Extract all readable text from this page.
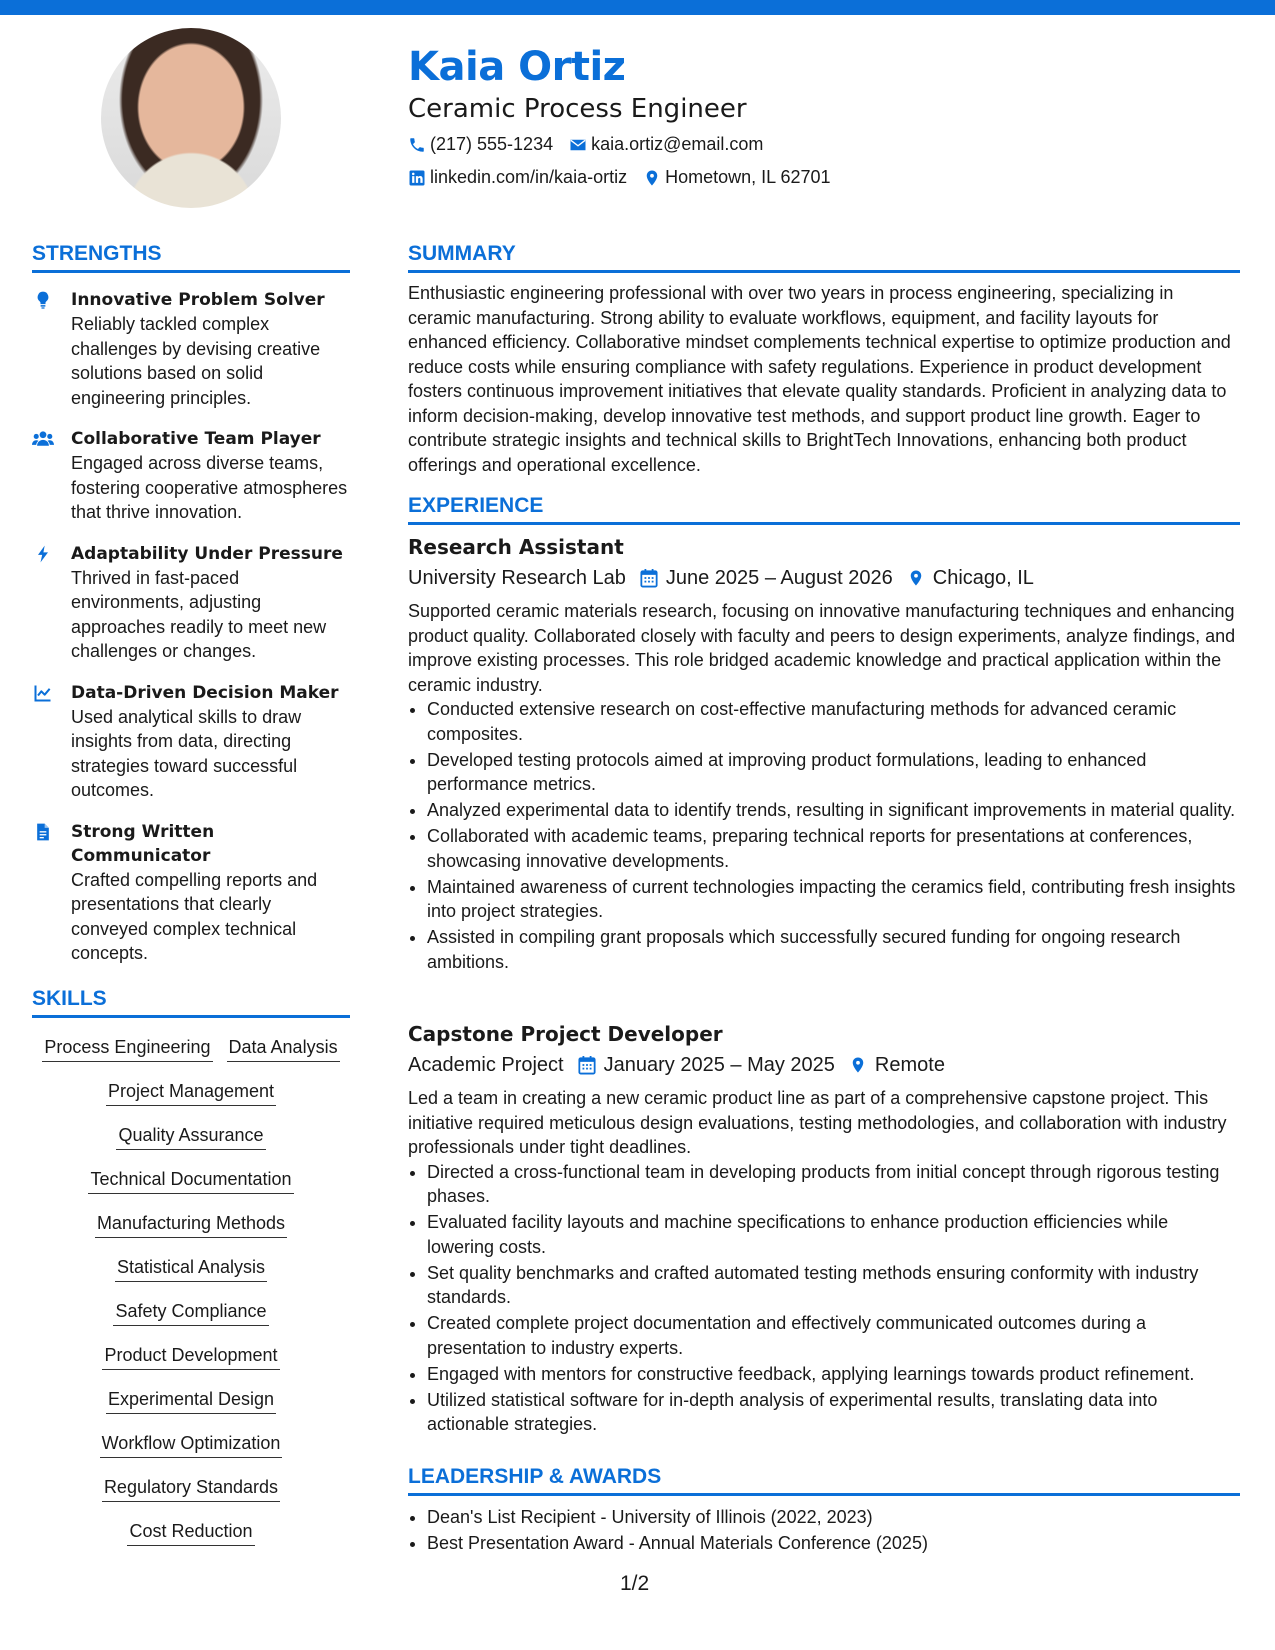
Kaia Ortiz
Ceramic Process Engineer
(217) 555-1234 kaia.ortiz@email.com
linkedin.com/in/kaia-ortiz Hometown, IL 62701
STRENGTHS
Innovative Problem Solver
Reliably tackled complex challenges by devising creative solutions based on solid engineering principles.
Collaborative Team Player
Engaged across diverse teams, fostering cooperative atmospheres that thrive innovation.
Adaptability Under Pressure
Thrived in fast-paced environments, adjusting approaches readily to meet new challenges or changes.
Data-Driven Decision Maker
Used analytical skills to draw insights from data, directing strategies toward successful outcomes.
Strong Written Communicator
Crafted compelling reports and presentations that clearly conveyed complex technical concepts.
SKILLS
Process Engineering Data Analysis
Project Management
Quality Assurance
Technical Documentation
Manufacturing Methods
Statistical Analysis
Safety Compliance
Product Development
Experimental Design
Workflow Optimization
Regulatory Standards
Cost Reduction
SUMMARY

Enthusiastic engineering professional with over two years in process engineering, specializing in ceramic manufacturing. Strong ability to evaluate workflows, equipment, and facility layouts for enhanced efficiency. Collaborative mindset complements technical expertise to optimize production and reduce costs while ensuring compliance with safety regulations. Experience in product development fosters continuous improvement initiatives that elevate quality standards. Proficient in analyzing data to inform decision-making, develop innovative test methods, and support product line growth. Eager to contribute strategic insights and technical skills to BrightTech Innovations, enhancing both product offerings and operational excellence.

EXPERIENCE
Research Assistant
University Research Lab June 2025 – August 2026 Chicago, IL

Supported ceramic materials research, focusing on innovative manufacturing techniques and enhancing product quality. Collaborated closely with faculty and peers to design experiments, analyze findings, and improve existing processes. This role bridged academic knowledge and practical application within the ceramic industry.

• Conducted extensive research on cost-effective manufacturing methods for advanced ceramic composites.
• Developed testing protocols aimed at improving product formulations, leading to enhanced performance metrics.
• Analyzed experimental data to identify trends, resulting in significant improvements in material quality.
• Collaborated with academic teams, preparing technical reports for presentations at conferences, showcasing innovative developments.
• Maintained awareness of current technologies impacting the ceramics field, contributing fresh insights into project strategies.
• Assisted in compiling grant proposals which successfully secured funding for ongoing research ambitions.
Capstone Project Developer
Academic Project January 2025 – May 2025 Remote

Led a team in creating a new ceramic product line as part of a comprehensive capstone project. This initiative required meticulous design evaluations, testing methodologies, and collaboration with industry professionals under tight deadlines.

• Directed a cross-functional team in developing products from initial concept through rigorous testing phases.
• Evaluated facility layouts and machine specifications to enhance production efficiencies while lowering costs.
• Set quality benchmarks and crafted automated testing methods ensuring conformity with industry standards.
• Created complete project documentation and effectively communicated outcomes during a presentation to industry experts.
• Engaged with mentors for constructive feedback, applying learnings towards product refinement.
• Utilized statistical software for in-depth analysis of experimental results, translating data into actionable strategies.
LEADERSHIP & AWARDS
• Dean's List Recipient - University of Illinois (2022, 2023)
• Best Presentation Award - Annual Materials Conference (2025)
1/2
